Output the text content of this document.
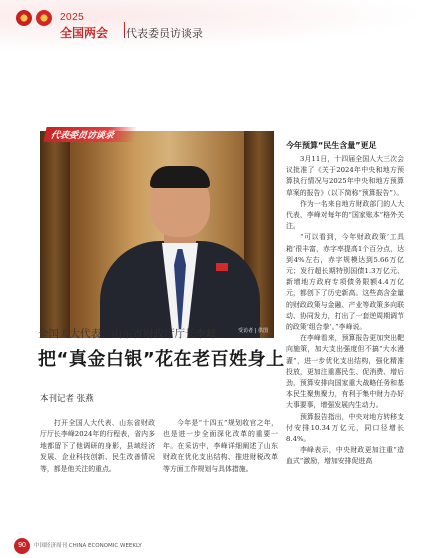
2025
全国两会 代表委员访谈录
受访者 | 供图
代表委员访谈录
全国人大代表、山东省财政厅厅长李峰：
把“真金白银”花在老百姓身上
本刊记者 张燕
今年预算“民生含量”更足

3月11日，十四届全国人大三次会议批准了《关于2024年中央和地方预算执行情况与2025年中央和地方预算草案的报告》（以下简称“预算报告”）。

作为一名来自地方财政部门的人大代表，李峰对每年的“国家账本”格外关注。

“可以看到，今年财政政策‘工具箱’很丰富，赤字率提高1个百分点，达到4%左右，赤字规模达到5.66万亿元；发行超长期特别国债1.3万亿元、新增地方政府专项债务限额4.4万亿元，都创下了历史新高。这些高含金量的财政政策与金融、产业等政策多向联动、协同发力，打出了一套逆周期调节的政策‘组合拳’。”李峰说。

在李峰看来，预算报告更加突出靶向施策，加大支出强度但不搞“大水漫灌”，进一步优化支出结构，强化精准投放，更加注重惠民生、促消费、增后劲，预算安排向国家重大战略任务和基本民生聚焦聚力，有利于集中财力办好大事要事，增强发展内生动力。

预算报告指出，中央对地方转移支付安排10.34万亿元，同口径增长8.4%。

李峰表示，中央财政更加注重“造血式”激励，增加安排促进高

打开全国人大代表、山东省财政厅厅长李峰2024年的行程表，省内多地都留下了他调研的身影，县域经济发展、企业科技创新、民生改善情况等，都是他关注的重点。

今年是“十四五”规划收官之年，也是进一步全面深化改革的重要一年。在采访中，李峰详细阐述了山东财政在优化支出结构、推进财税改革等方面工作规划与具体措施。

90	中国经济周刊 CHINA ECONOMIC WEEKLY
